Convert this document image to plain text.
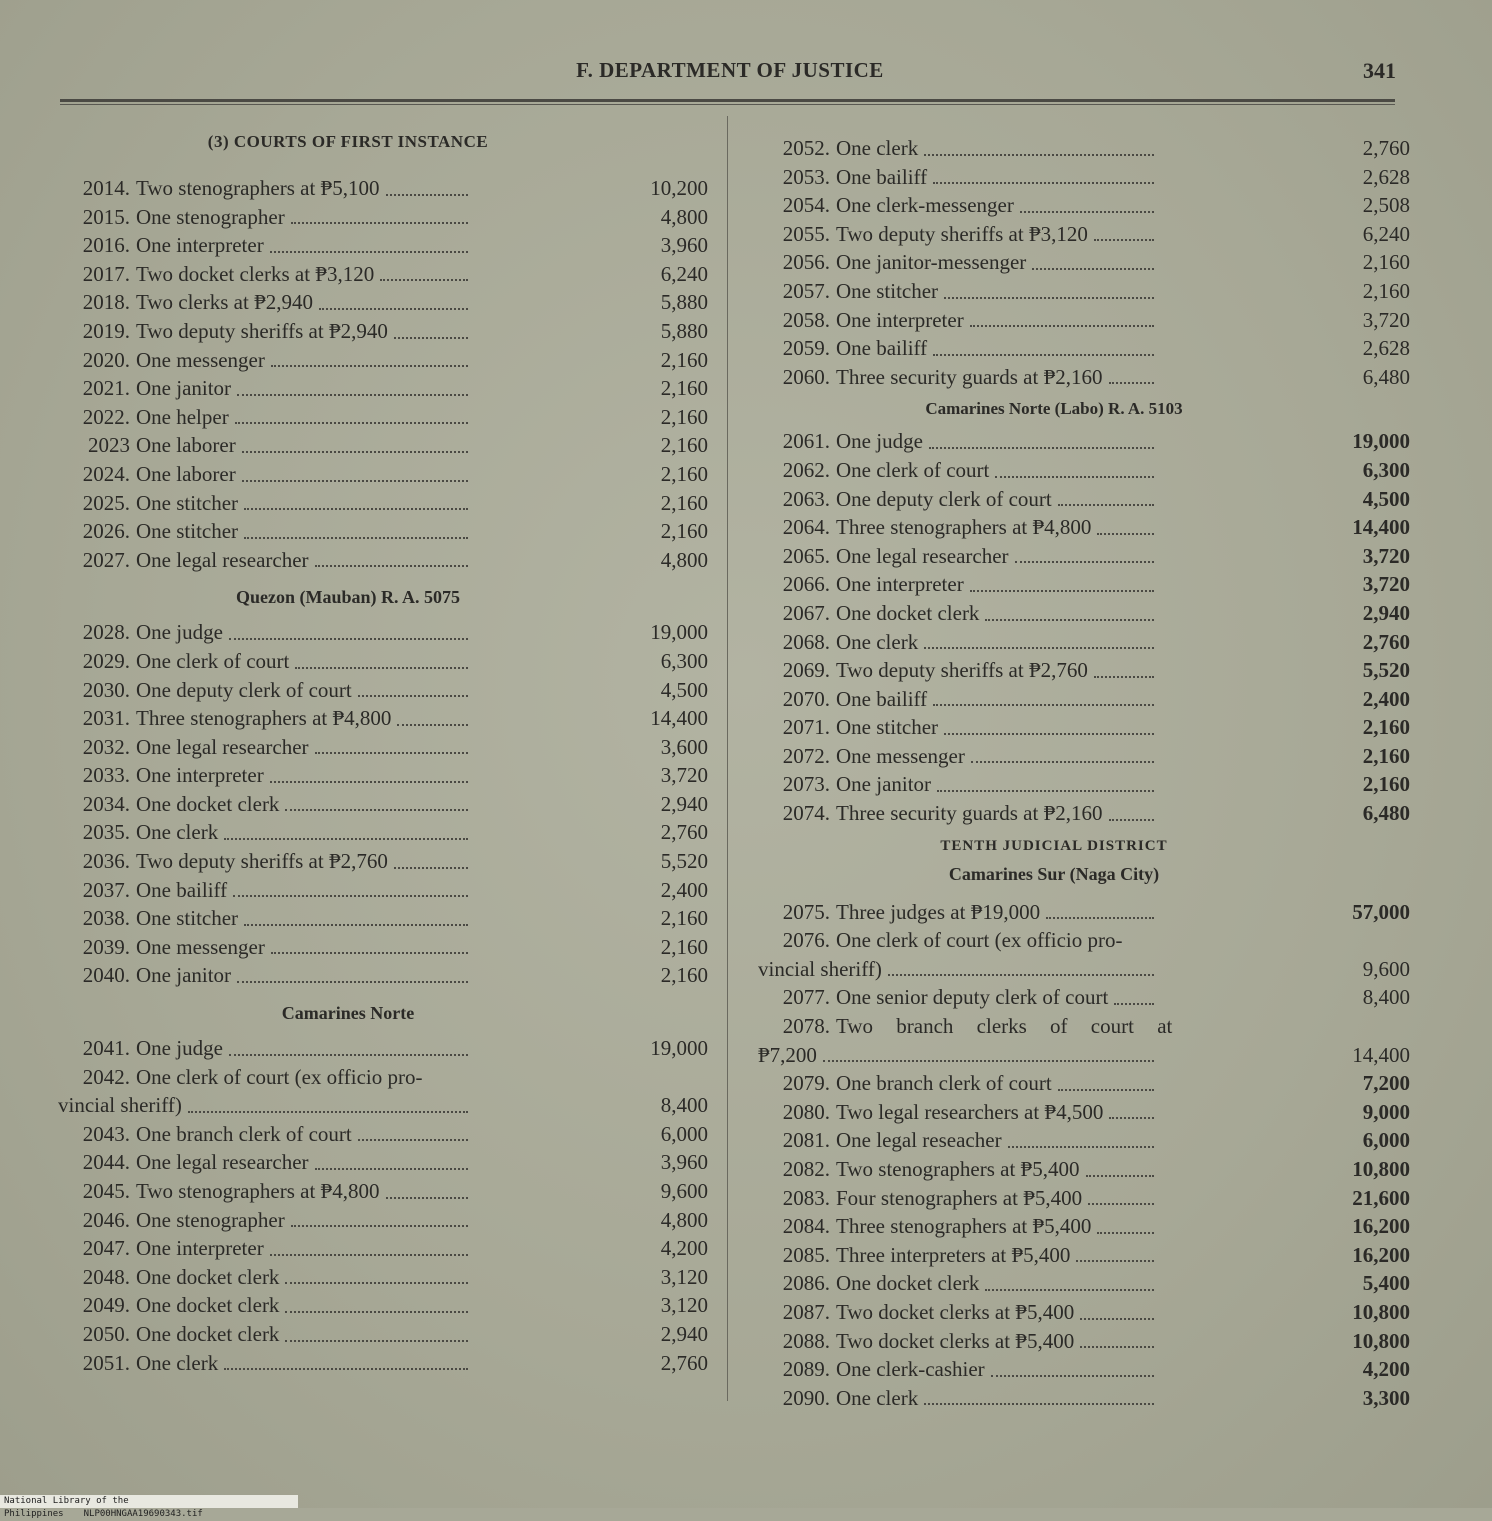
F. DEPARTMENT OF JUSTICE	341
(3) COURTS OF FIRST INSTANCE
2014. Two stenographers at ₱5,100	10,200
2015. One stenographer	4,800
2016. One interpreter	3,960
2017. Two docket clerks at ₱3,120	6,240
2018. Two clerks at ₱2,940	5,880
2019. Two deputy sheriffs at ₱2,940	5,880
2020. One messenger	2,160
2021. One janitor	2,160
2022. One helper	2,160
2023 One laborer	2,160
2024. One laborer	2,160
2025. One stitcher	2,160
2026. One stitcher	2,160
2027. One legal researcher	4,800
Quezon (Mauban) R. A. 5075
2028. One judge	19,000
2029. One clerk of court	6,300
2030. One deputy clerk of court	4,500
2031. Three stenographers at ₱4,800	14,400
2032. One legal researcher	3,600
2033. One interpreter	3,720
2034. One docket clerk	2,940
2035. One clerk	2,760
2036. Two deputy sheriffs at ₱2,760	5,520
2037. One bailiff	2,400
2038. One stitcher	2,160
2039. One messenger	2,160
2040. One janitor	2,160
Camarines Norte
2041. One judge	19,000
2042. One clerk of court (ex officio pro-
vincial sheriff)	8,400
2043. One branch clerk of court	6,000
2044. One legal researcher	3,960
2045. Two stenographers at ₱4,800	9,600
2046. One stenographer	4,800
2047. One interpreter	4,200
2048. One docket clerk	3,120
2049. One docket clerk	3,120
2050. One docket clerk	2,940
2051. One clerk	2,760
2052. One clerk	2,760
2053. One bailiff	2,628
2054. One clerk-messenger	2,508
2055. Two deputy sheriffs at ₱3,120	6,240
2056. One janitor-messenger	2,160
2057. One stitcher	2,160
2058. One interpreter	3,720
2059. One bailiff	2,628
2060. Three security guards at ₱2,160	6,480
Camarines Norte (Labo) R. A. 5103
2061. One judge	19,000
2062. One clerk of court	6,300
2063. One deputy clerk of court	4,500
2064. Three stenographers at ₱4,800	14,400
2065. One legal researcher	3,720
2066. One interpreter	3,720
2067. One docket clerk	2,940
2068. One clerk	2,760
2069. Two deputy sheriffs at ₱2,760	5,520
2070. One bailiff	2,400
2071. One stitcher	2,160
2072. One messenger	2,160
2073. One janitor	2,160
2074. Three security guards at ₱2,160	6,480
TENTH JUDICIAL DISTRICT
Camarines Sur (Naga City)
2075. Three judges at ₱19,000	57,000
2076. One clerk of court (ex officio pro-
vincial sheriff)	9,600
2077. One senior deputy clerk of court	8,400
2078. Two branch clerks of court at
₱7,200	14,400
2079. One branch clerk of court	7,200
2080. Two legal researchers at ₱4,500	9,000
2081. One legal reseacher	6,000
2082. Two stenographers at ₱5,400	10,800
2083. Four stenographers at ₱5,400	21,600
2084. Three stenographers at ₱5,400	16,200
2085. Three interpreters at ₱5,400	16,200
2086. One docket clerk	5,400
2087. Two docket clerks at ₱5,400	10,800
2088. Two docket clerks at ₱5,400	10,800
2089. One clerk-cashier	4,200
2090. One clerk	3,300
National Library of the Philippines NLP00HNGAA19690343.tif
